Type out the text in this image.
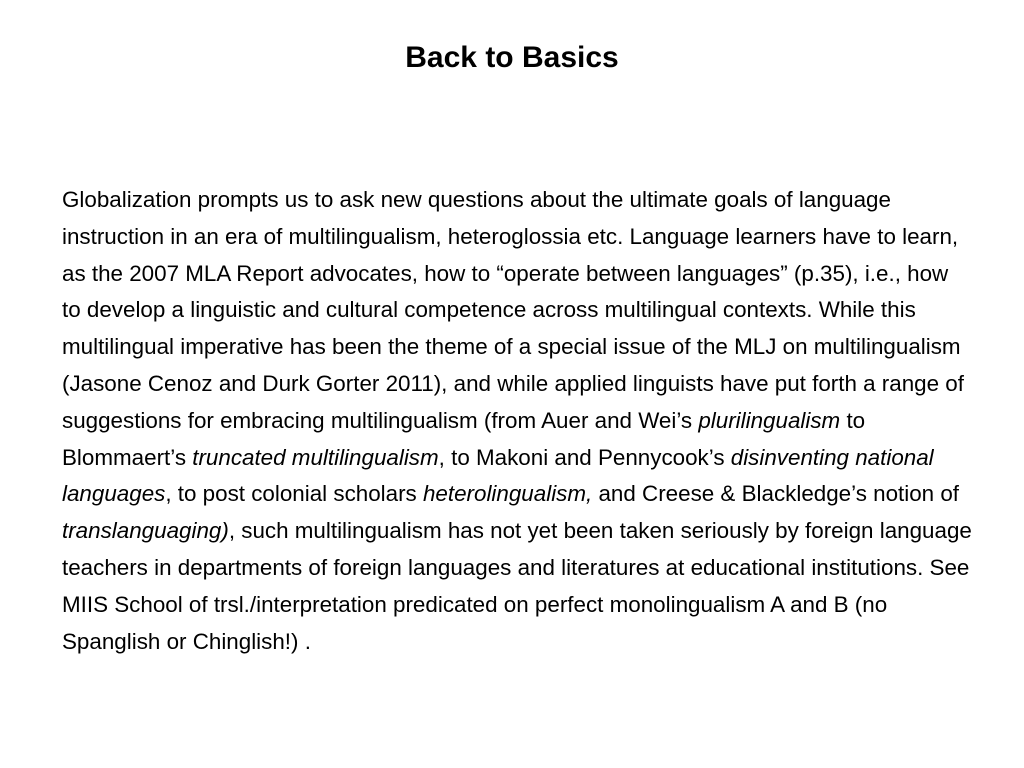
Back to Basics

Globalization prompts us to ask new questions about the ultimate goals of language instruction in an era of multilingualism, heteroglossia etc. Language learners have to learn, as the 2007 MLA Report advocates, how to “operate between languages” (p.35), i.e., how to develop a linguistic and cultural competence across multilingual contexts. While this multilingual imperative has been the theme of a special issue of the MLJ on multilingualism (Jasone Cenoz and Durk Gorter 2011), and while applied linguists have put forth a range of suggestions for embracing multilingualism (from Auer and Wei’s plurilingualism to Blommaert’s truncated multilingualism, to Makoni and Pennycook’s disinventing national languages, to post colonial scholars heterolingualism, and Creese & Blackledge’s notion of translanguaging), such multilingualism has not yet been taken seriously by foreign language teachers in departments of foreign languages and literatures at educational institutions. See MIIS School of trsl./interpretation predicated on perfect monolingualism A and B (no Spanglish or Chinglish!) .
